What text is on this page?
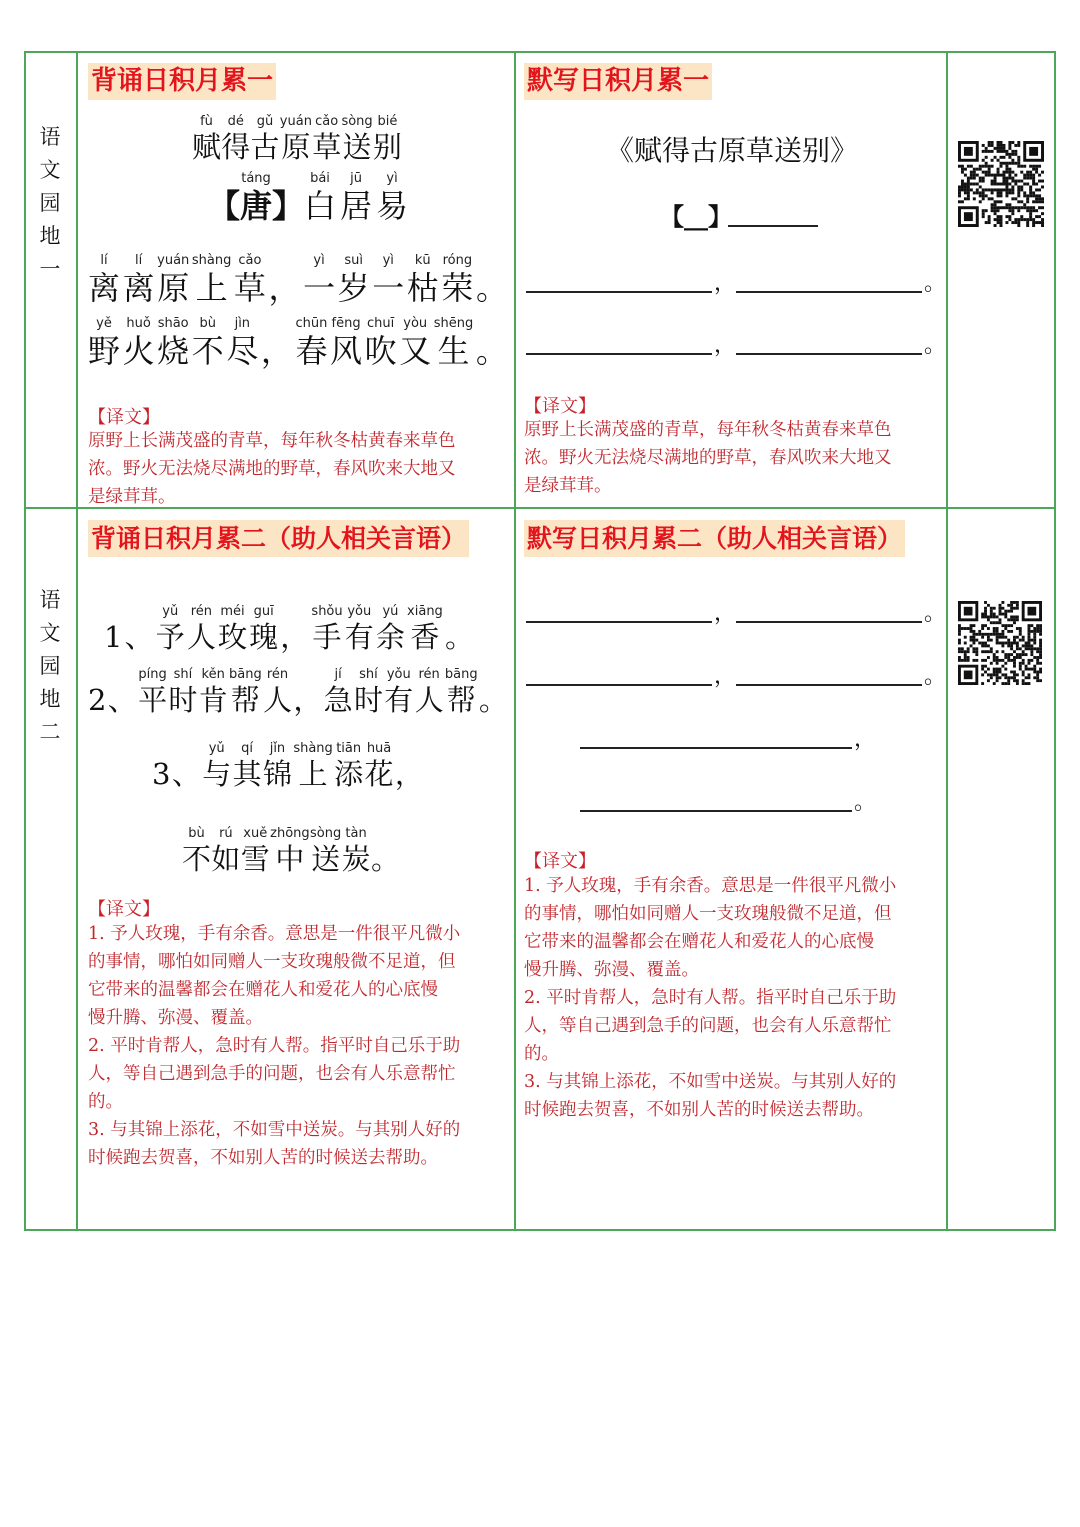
语
文
园
地
一
背诵日积月累一
fù
赋
dé
得
gǔ
古
yuán
原
cǎo
草
sòng
送
bié
别
táng
【唐】
bái
白
jū
居
yì
易
lí
离
lí
离
yuán
原
shàng
上
cǎo
草
，
yì
一
suì
岁
yì
一
kū
枯
róng
荣
。
yě
野
huǒ
火
shāo
烧
bù
不
jìn
尽
，
chūn
春
fēng
风
chuī
吹
yòu
又
shēng
生
。
【译文】
原野上长满茂盛的青草，每年秋冬枯黄春来草色
浓。野火无法烧尽满地的野草，春风吹来大地又
是绿茸茸。
默写日积月累一
《赋得古原草送别》
【__】
，	。
，	。
【译文】
原野上长满茂盛的青草，每年秋冬枯黄春来草色
浓。野火无法烧尽满地的野草，春风吹来大地又
是绿茸茸。
语
文
园
地
二
背诵日积月累二（助人相关言语）

1
、
yǔ
予
rén
人
méi
玫
guī
瑰
，
shǒu
手
yǒu
有
yú
余
xiāng
香
。

2
、
píng
平
shí
时
kěn
肯
bāng
帮
rén
人
，
jí
急
shí
时
yǒu
有
rén
人
bāng
帮
。

3
、
yǔ
与
qí
其
jǐn
锦
shàng
上
tiān
添
huā
花
，
bù
不
rú
如
xuě
雪
zhōng
中
sòng
送
tàn
炭
。
【译文】
1. 予人玫瑰，手有余香。意思是一件很平凡微小
的事情，哪怕如同赠人一支玫瑰般微不足道，但
它带来的温馨都会在赠花人和爱花人的心底慢
慢升腾、弥漫、覆盖。
2. 平时肯帮人，急时有人帮。指平时自己乐于助
人，等自己遇到急手的问题，也会有人乐意帮忙
的。
3. 与其锦上添花，不如雪中送炭。与其别人好的
时候跑去贺喜，不如别人苦的时候送去帮助。
默写日积月累二（助人相关言语）
，	。
，	。
，
。
【译文】
1. 予人玫瑰，手有余香。意思是一件很平凡微小
的事情，哪怕如同赠人一支玫瑰般微不足道，但
它带来的温馨都会在赠花人和爱花人的心底慢
慢升腾、弥漫、覆盖。
2. 平时肯帮人，急时有人帮。指平时自己乐于助
人，等自己遇到急手的问题，也会有人乐意帮忙
的。
3. 与其锦上添花，不如雪中送炭。与其别人好的
时候跑去贺喜，不如别人苦的时候送去帮助。
